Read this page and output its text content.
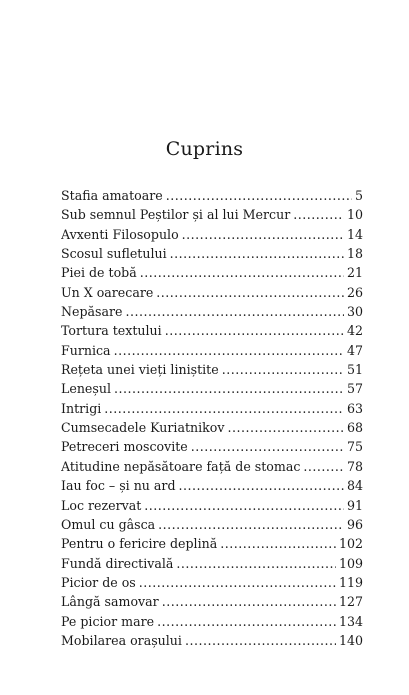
Cuprins
Stafia amatoare .....	5
Sub semnul Peștilor și al lui Mercur .....	10
Avxenti Filosopulo .....	14
Scosul sufletului .....	18
Piei de tobă .....	21
Un X oarecare .....	26
Nepăsare .....	30
Tortura textului .....	42
Furnica .....	47
Rețeta unei vieți liniștite .....	51
Leneșul .....	57
Intrigi .....	63
Cumsecadele Kuriatnikov .....	68
Petreceri moscovite .....	75
Atitudine nepăsătoare față de stomac .....	78
Iau foc – și nu ard .....	84
Loc rezervat .....	91
Omul cu gâsca .....	96
Pentru o fericire deplină .....	102
Fundă directivală .....	109
Picior de os .....	119
Lângă samovar .....	127
Pe picior mare .....	134
Mobilarea orașului .....	140
